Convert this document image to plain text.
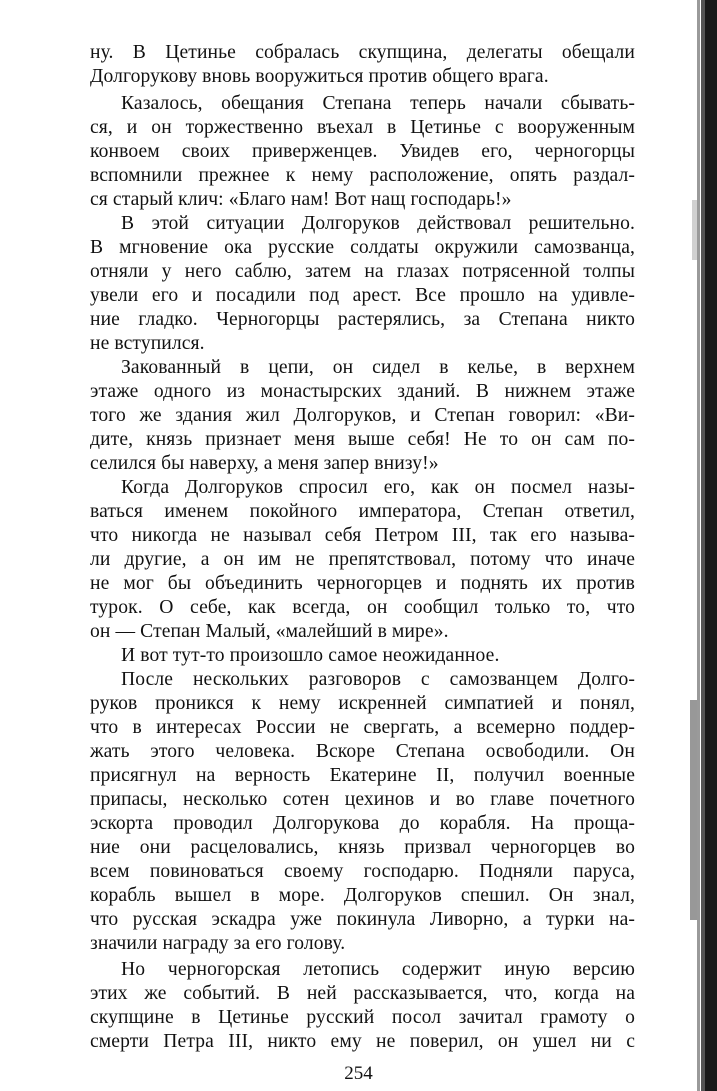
ну. В Цетинье собралась скупщина, делегаты обещали
Долгорукову вновь вооружиться против общего врага.
Казалось, обещания Степана теперь начали сбывать-
ся, и он торжественно въехал в Цетинье с вооруженным
конвоем своих приверженцев. Увидев его, черногорцы
вспомнили прежнее к нему расположение, опять раздал-
ся старый клич: «Благо нам! Вот нащ господарь!»
В этой ситуации Долгоруков действовал решительно.
В мгновение ока русские солдаты окружили самозванца,
отняли у него саблю, затем на глазах потрясенной толпы
увели его и посадили под арест. Все прошло на удивле-
ние гладко. Черногорцы растерялись, за Степана никто
не вступился.
Закованный в цепи, он сидел в келье, в верхнем
этаже одного из монастырских зданий. В нижнем этаже
того же здания жил Долгоруков, и Степан говорил: «Ви-
дите, князь признает меня выше себя! Не то он сам по-
селился бы наверху, а меня запер внизу!»
Когда Долгоруков спросил его, как он посмел назы-
ваться именем покойного императора, Степан ответил,
что никогда не называл себя Петром III, так его называ-
ли другие, а он им не препятствовал, потому что иначе
не мог бы объединить черногорцев и поднять их против
турок. О себе, как всегда, он сообщил только то, что
он — Степан Малый, «малейший в мире».
И вот тут-то произошло самое неожиданное.
После нескольких разговоров с самозванцем Долго-
руков проникся к нему искренней симпатией и понял,
что в интересах России не свергать, а всемерно поддер-
жать этого человека. Вскоре Степана освободили. Он
присягнул на верность Екатерине II, получил военные
припасы, несколько сотен цехинов и во главе почетного
эскорта проводил Долгорукова до корабля. На проща-
ние они расцеловались, князь призвал черногорцев во
всем повиноваться своему господарю. Подняли паруса,
корабль вышел в море. Долгоруков спешил. Он знал,
что русская эскадра уже покинула Ливорно, а турки на-
значили награду за его голову.
Но черногорская летопись содержит иную версию
этих же событий. В ней рассказывается, что, когда на
скупщине в Цетинье русский посол зачитал грамоту о
смерти Петра III, никто ему не поверил, он ушел ни с
254
